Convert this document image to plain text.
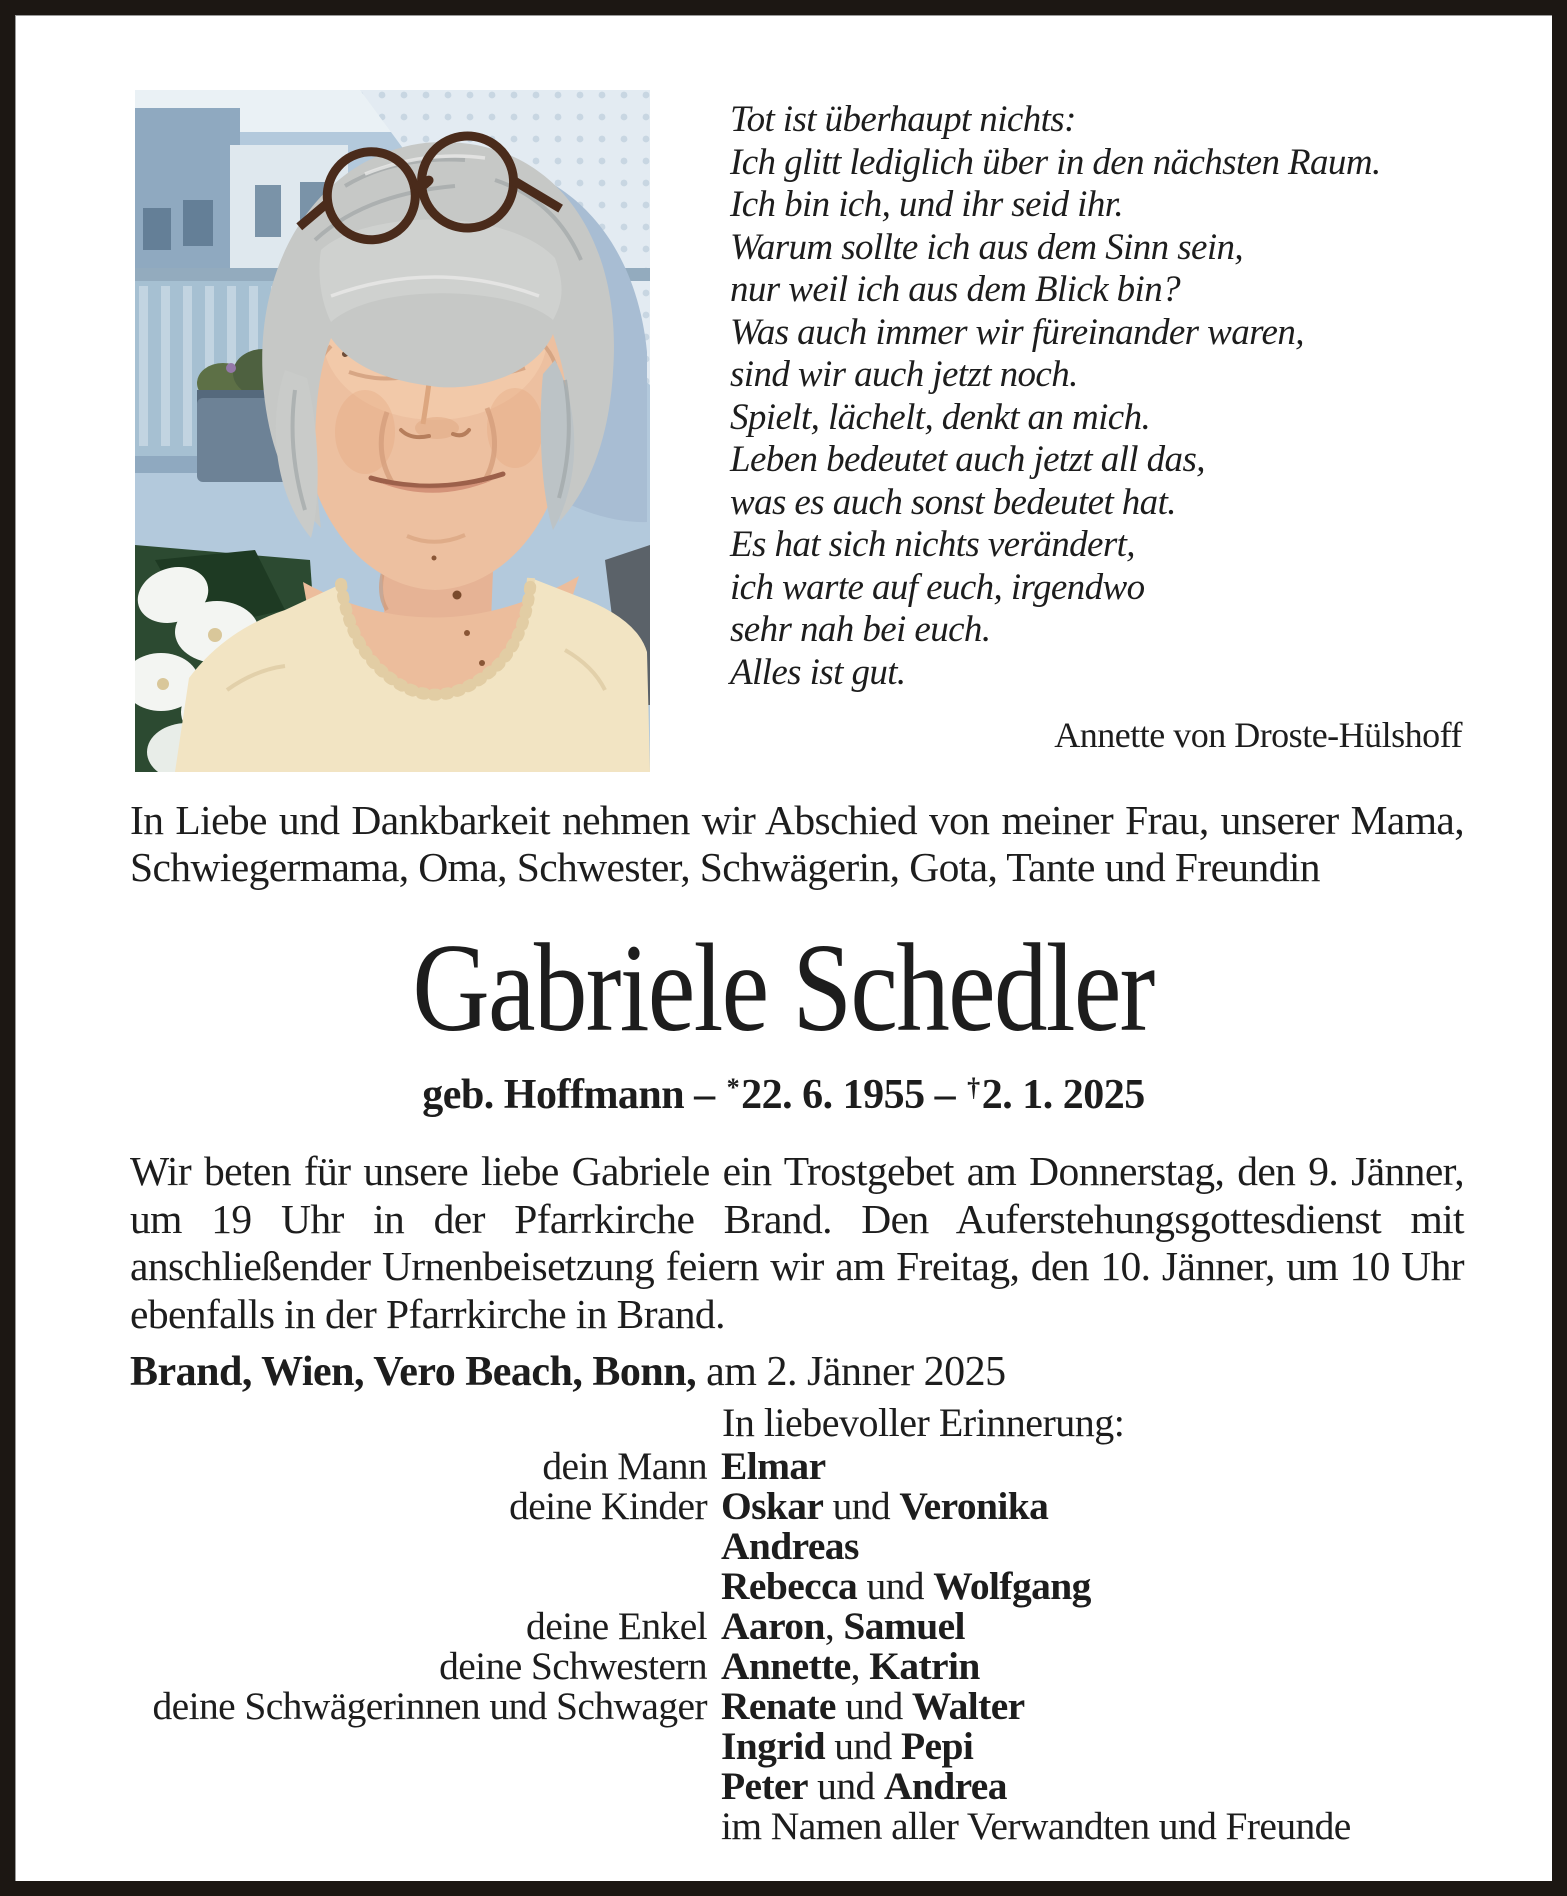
Tot ist überhaupt nichts:
Ich glitt lediglich über in den nächsten Raum.
Ich bin ich, und ihr seid ihr.
Warum sollte ich aus dem Sinn sein,
nur weil ich aus dem Blick bin?
Was auch immer wir füreinander waren,
sind wir auch jetzt noch.
Spielt, lächelt, denkt an mich.
Leben bedeutet auch jetzt all das,
was es auch sonst bedeutet hat.
Es hat sich nichts verändert,
ich warte auf euch, irgendwo
sehr nah bei euch.
Alles ist gut.
Annette von Droste-Hülshoff
In Liebe und Dankbarkeit nehmen wir Abschied von meiner Frau, unserer Mama, Schwiegermama, Oma, Schwester, Schwägerin, Gota, Tante und Freundin
Gabriele Schedler
geb. Hoffmann – *22. 6. 1955 – †2. 1. 2025
Wir beten für unsere liebe Gabriele ein Trostgebet am Donnerstag, den 9. Jänner, um 19 Uhr in der Pfarrkirche Brand. Den Auferstehungsgottesdienst mit anschließender Urnenbeisetzung feiern wir am Freitag, den 10. Jänner, um 10 Uhr ebenfalls in der Pfarrkirche in Brand.
Brand, Wien, Vero Beach, Bonn, am 2. Jänner 2025
In liebevoller Erinnerung:
dein Mann Elmar
deine Kinder Oskar und Veronika
Andreas
Rebecca und Wolfgang
deine Enkel Aaron, Samuel
deine Schwestern Annette, Katrin
deine Schwägerinnen und Schwager Renate und Walter
Ingrid und Pepi
Peter und Andrea
im Namen aller Verwandten und Freunde
